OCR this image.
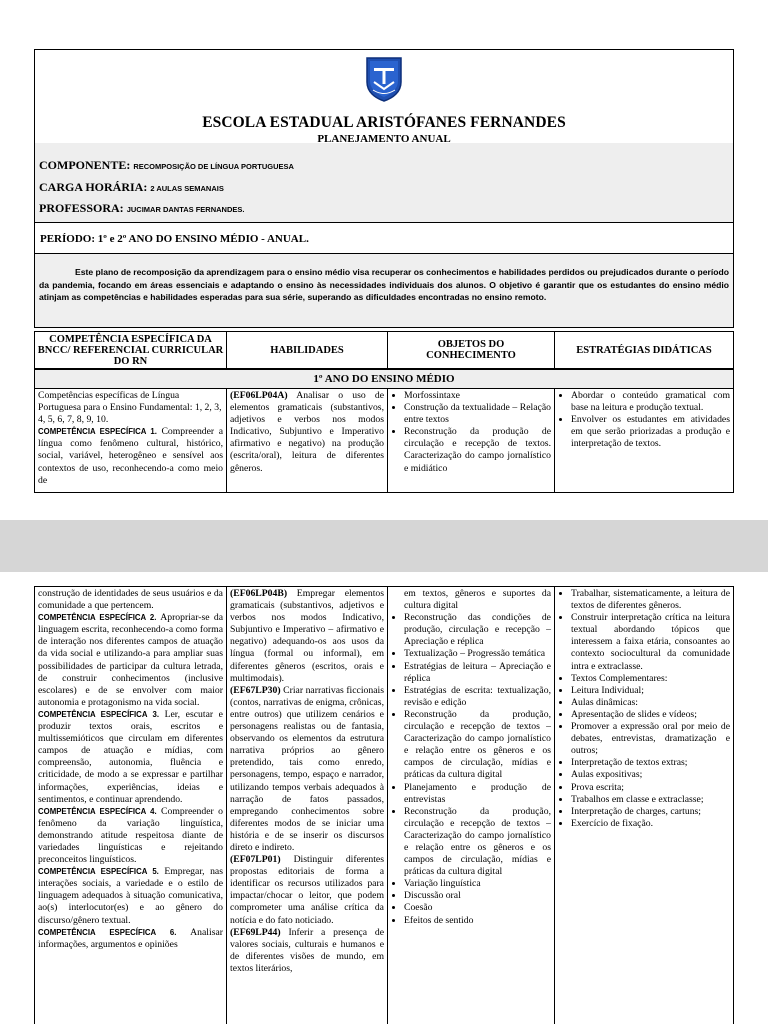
ESCOLA ESTADUAL ARISTÓFANES FERNANDES
PLANEJAMENTO ANUAL
COMPONENTE: RECOMPOSIÇÃO DE LÍNGUA PORTUGUESA
CARGA HORÁRIA: 2 AULAS SEMANAIS
PROFESSORA: JUCIMAR DANTAS FERNANDES.
PERÍODO: 1º e 2º ANO DO ENSINO MÉDIO - ANUAL.

Este plano de recomposição da aprendizagem para o ensino médio visa recuperar os conhecimentos e habilidades perdidos ou prejudicados durante o período da pandemia, focando em áreas essenciais e adaptando o ensino às necessidades individuais dos alunos. O objetivo é garantir que os estudantes do ensino médio atinjam as competências e habilidades esperadas para sua série, superando as dificuldades encontradas no ensino remoto.

COMPETÊNCIA ESPECÍFICA DA BNCC/ REFERENCIAL CURRICULAR DO RN
HABILIDADES	OBJETOS DO CONHECIMENTO	ESTRATÉGIAS DIDÁTICAS
1º ANO DO ENSINO MÉDIO
Competências específicas de Língua Portuguesa para o Ensino Fundamental: 1, 2, 3, 4, 5, 6, 7, 8, 9, 10.
COMPETÊNCIA ESPECÍFICA 1. Compreender a língua como fenômeno cultural, histórico, social, variável, heterogêneo e sensível aos contextos de uso, reconhecendo-a como meio de
(EF06LP04A) Analisar o uso de elementos gramaticais (substantivos, adjetivos e verbos nos modos Indicativo, Subjuntivo e Imperativo afirmativo e negativo) na produção (escrita/oral), leitura de diferentes gêneros.
• Morfossintaxe
• Construção da textualidade – Relação entre textos
• Reconstrução da produção de circulação e recepção de textos. Caracterização do campo jornalístico e midiático
• Abordar o conteúdo gramatical com base na leitura e produção textual.
• Envolver os estudantes em atividades em que serão priorizadas a produção e interpretação de textos.
construção de identidades de seus usuários e da comunidade a que pertencem.
COMPETÊNCIA ESPECÍFICA 2. Apropriar-se da linguagem escrita, reconhecendo-a como forma de interação nos diferentes campos de atuação da vida social e utilizando-a para ampliar suas possibilidades de participar da cultura letrada, de construir conhecimentos (inclusive escolares) e de se envolver com maior autonomia e protagonismo na vida social.
COMPETÊNCIA ESPECÍFICA 3. Ler, escutar e produzir textos orais, escritos e multissemióticos que circulam em diferentes campos de atuação e mídias, com compreensão, autonomia, fluência e criticidade, de modo a se expressar e partilhar informações, experiências, ideias e sentimentos, e continuar aprendendo.
COMPETÊNCIA ESPECÍFICA 4. Compreender o fenômeno da variação linguística, demonstrando atitude respeitosa diante de variedades linguísticas e rejeitando preconceitos linguísticos.
COMPETÊNCIA ESPECÍFICA 5. Empregar, nas interações sociais, a variedade e o estilo de linguagem adequados à situação comunicativa, ao(s) interlocutor(es) e ao gênero do discurso/gênero textual.
COMPETÊNCIA ESPECÍFICA 6. Analisar informações, argumentos e opiniões
(EF06LP04B) Empregar elementos gramaticais (substantivos, adjetivos e verbos nos modos Indicativo, Subjuntivo e Imperativo – afirmativo e negativo) adequando-os aos usos da língua (formal ou informal), em diferentes gêneros (escritos, orais e multimodais).
(EF67LP30) Criar narrativas ficcionais (contos, narrativas de enigma, crônicas, entre outros) que utilizem cenários e personagens realistas ou de fantasia, observando os elementos da estrutura narrativa próprios ao gênero pretendido, tais como enredo, personagens, tempo, espaço e narrador, utilizando tempos verbais adequados à narração de fatos passados, empregando conhecimentos sobre diferentes modos de se iniciar uma história e de se inserir os discursos direto e indireto.
(EF07LP01) Distinguir diferentes propostas editoriais de forma a identificar os recursos utilizados para impactar/chocar o leitor, que podem comprometer uma análise crítica da notícia e do fato noticiado.
(EF69LP44) Inferir a presença de valores sociais, culturais e humanos e de diferentes visões de mundo, em textos literários,
em textos, gêneros e suportes da cultura digital
• Reconstrução das condições de produção, circulação e recepção – Apreciação e réplica
• Textualização – Progressão temática
• Estratégias de leitura – Apreciação e réplica
• Estratégias de escrita: textualização, revisão e edição
• Reconstrução da produção, circulação e recepção de textos – Caracterização do campo jornalístico e relação entre os gêneros e os campos de circulação, mídias e práticas da cultura digital
• Planejamento e produção de entrevistas
• Reconstrução da produção, circulação e recepção de textos – Caracterização do campo jornalístico e relação entre os gêneros e os campos de circulação, mídias e práticas da cultura digital
• Variação linguística
• Discussão oral
• Coesão
• Efeitos de sentido
• Trabalhar, sistematicamente, a leitura de textos de diferentes gêneros.
• Construir interpretação crítica na leitura textual abordando tópicos que interessem a faixa etária, consoantes ao contexto sociocultural da comunidade intra e extraclasse.
• Textos Complementares:
• Leitura Individual;
• Aulas dinâmicas:
• Apresentação de slides e vídeos;
• Promover a expressão oral por meio de debates, entrevistas, dramatização e outros;
• Interpretação de textos extras;
• Aulas expositivas;
• Prova escrita;
• Trabalhos em classe e extraclasse;
• Interpretação de charges, cartuns;
• Exercício de fixação.
